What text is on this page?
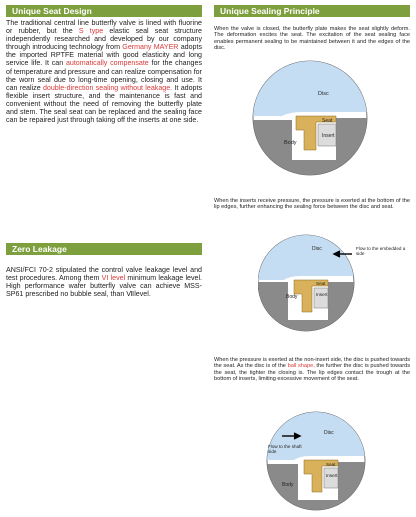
Unique Seat Design
The traditional central line butterfly valve is lined with fluorine or rubber, but the S type elastic seal seat structure independently researched and developed by our company through introducing technology from Germany MAYER adopts the imported RPTFE material with good elasticity and long service life. It can automatically compensate for the changes of temperature and pressure and can realize compensation for the worn seal due to long-time opening, closing and use. It can realize double-direction sealing without leakage. It adopts flexible insert structure, and the maintenance is fast and convenient without the need of removing the butterfly plate and stem. The seal seat can be replaced and the sealing face can be repaired just through taking off the inserts at one side.
Zero Leakage
ANSI/FCI 70-2 stipulated the control valve leakage level and test procedures. Among them VI level minimum leakage level. High performance wafer butterfly valve can achieve MSS-SP61 prescribed no bubble seal, than Ⅶlevel.
Unique Sealing Principle
When the valve is closed, the butterfly plate makes the seat slightly deform. The deformation excites the seat. The excitation of the seat sealing face enables permanent sealing to be maintained between it and the edges of the disc.
Disc
Seat
Insert
Body
When the inserts receive pressure, the pressure is exerted at the bottom of the lip edges, further enhancing the sealing force between the disc and seat.
Disc
Seat
Insert
Body
Flow to the embedded a side
When the pressure is exerted at the non-insert side, the disc is pushed towards the seat. As the disc is of the ball shape, the further the disc is pushed towards the seat, the tighter the closing is. The lip edges contact the trough at the bottom of inserts, limiting excessive movement of the seat.
Disc
Seat
Insert
Body
Flow to the shaft side
